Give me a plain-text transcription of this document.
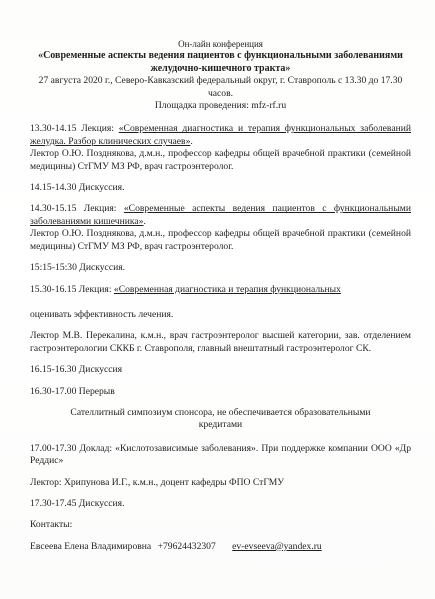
Он-лайн конференция
«Современные аспекты ведения пациентов с функциональными заболеваниями желудочно-кишечного тракта»
27 августа 2020 г., Северо-Кавказский федеральный округ, г. Ставрополь с 13.30 до 17.30 часов.
Площадка проведения: mfz-rf.ru
13.30-14.15 Лекция: «Современная диагностика и терапия функциональных заболеваний желудка. Разбор клинических случаев».
Лектор О.Ю. Позднякова, д.м.н., профессор кафедры общей врачебной практики (семейной медицины) СтГМУ МЗ РФ, врач гастроэнтеролог.
14.15-14.30 Дискуссия.
14.30-15.15 Лекция: «Современные аспекты ведения пациентов с функциональными заболеваниями кишечника».
Лектор О.Ю. Позднякова, д.м.н., профессор кафедры общей врачебной практики (семейной медицины) СтГМУ МЗ РФ, врач гастроэнтеролог.
15:15-15:30 Дискуссия.
15.30-16.15 Лекция: «Современная диагностика и терапия функциональных
оценивать эффективность лечения.
Лектор М.В. Перекалина, к.м.н., врач гастроэнтеролог высшей категории, зав. отделением гастроэнтерологии СККБ г. Ставрополя, главный внештатный гастроэнтеролог СК.
16.15-16.30 Дискуссия
16.30-17.00 Перерыв
Сателлитный симпозиум спонсора, не обеспечивается образовательными кредитами
17.00-17.30 Доклад: «Кислотозависимые заболевания». При поддержке компании ООО «Др Реддис»
Лектор: Хрипунова И.Г., к.м.н., доцент кафедры ФПО СтГМУ
17.30-17.45 Дискуссия.
Контакты:
Евсеева Елена Владимировна +79624432307 ev-evseeva@yandex.ru
